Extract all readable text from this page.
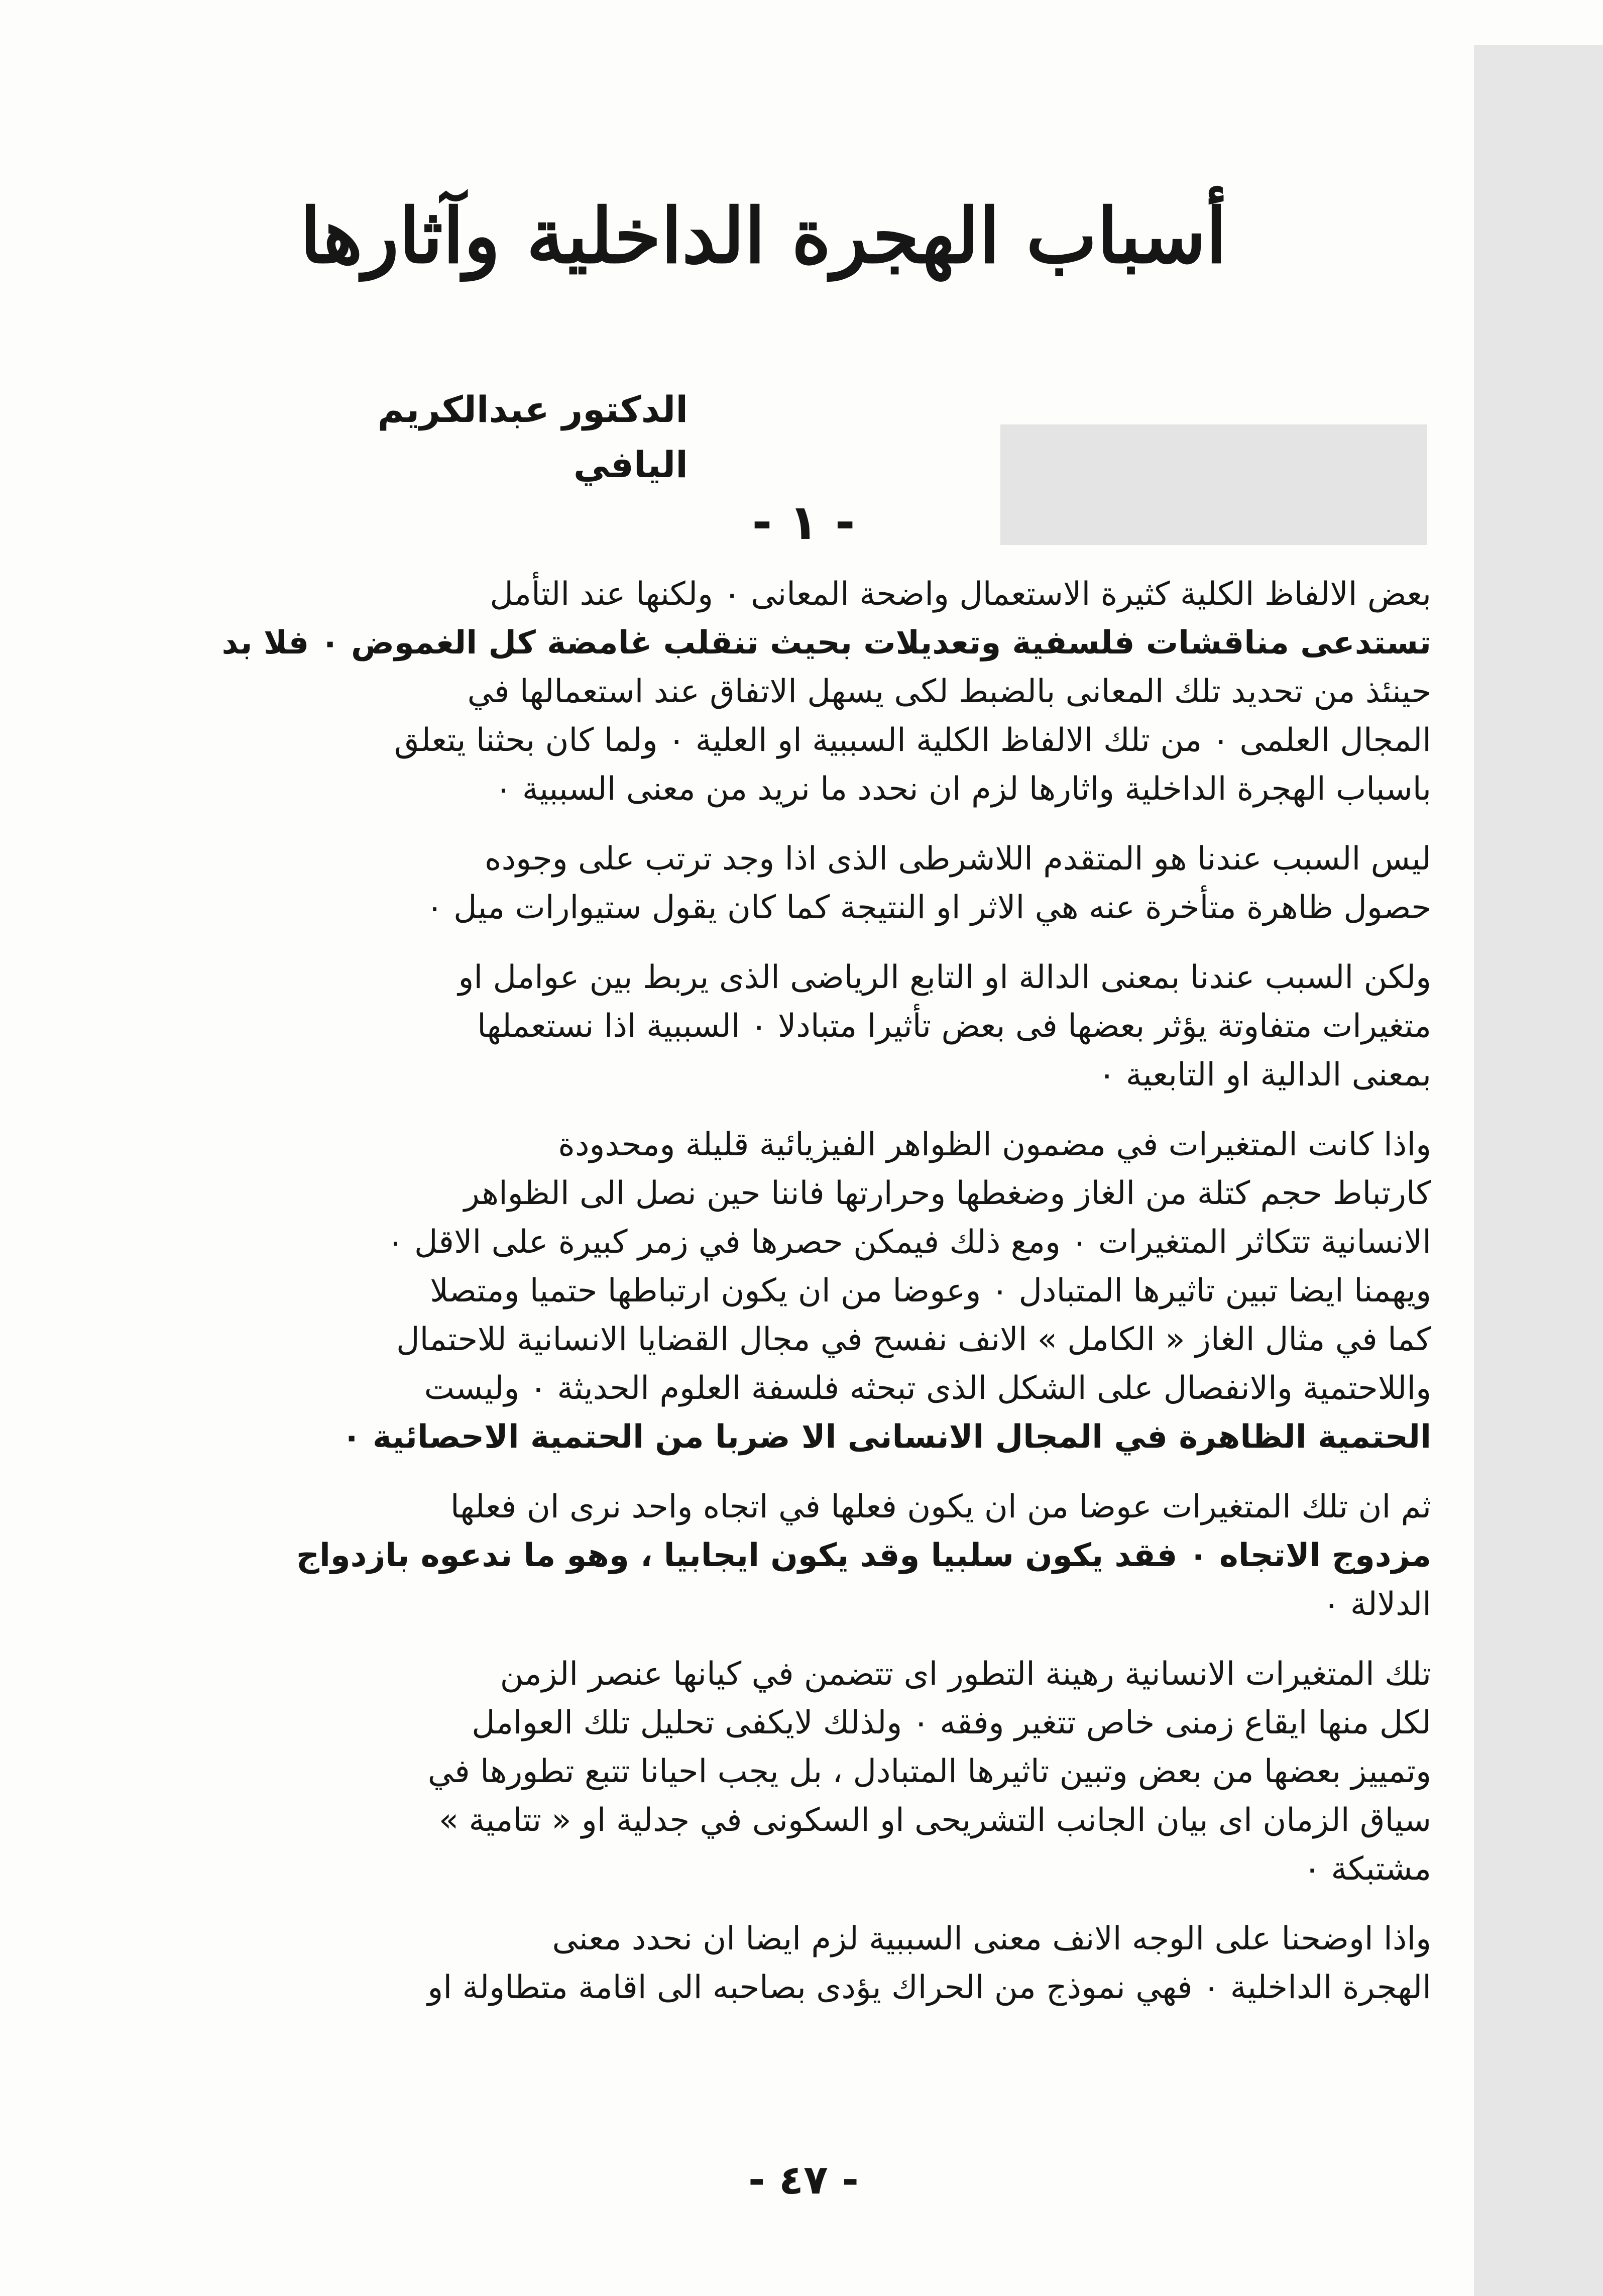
أسباب الهجرة الداخلية وآثارها
الدكتور عبدالكريم اليافي
- ١ -
بعض الالفاظ الكلية كثيرة الاستعمال واضحة المعانى ٠ ولكنها عند التأمل
تستدعى مناقشات فلسفية وتعديلات بحيث تنقلب غامضة كل الغموض ٠ فلا بد
حينئذ من تحديد تلك المعانى بالضبط لكى يسهل الاتفاق عند استعمالها في
المجال العلمى ٠ من تلك الالفاظ الكلية السببية او العلية ٠ ولما كان بحثنا يتعلق
باسباب الهجرة الداخلية واثارها لزم ان نحدد ما نريد من معنى السببية ٠
ليس السبب عندنا هو المتقدم اللاشرطى الذى اذا وجد ترتب على وجوده
حصول ظاهرة متأخرة عنه هي الاثر او النتيجة كما كان يقول ستيوارات ميل ٠
ولكن السبب عندنا بمعنى الدالة او التابع الرياضى الذى يربط بين عوامل او
متغيرات متفاوتة يؤثر بعضها فى بعض تأثيرا متبادلا ٠ السببية اذا نستعملها
بمعنى الدالية او التابعية ٠
واذا كانت المتغيرات في مضمون الظواهر الفيزيائية قليلة ومحدودة
كارتباط حجم كتلة من الغاز وضغطها وحرارتها فاننا حين نصل الى الظواهر
الانسانية تتكاثر المتغيرات ٠ ومع ذلك فيمكن حصرها في زمر كبيرة على الاقل ٠
ويهمنا ايضا تبين تاثيرها المتبادل ٠ وعوضا من ان يكون ارتباطها حتميا ومتصلا
كما في مثال الغاز « الكامل » الانف نفسح في مجال القضايا الانسانية للاحتمال
واللاحتمية والانفصال على الشكل الذى تبحثه فلسفة العلوم الحديثة ٠ وليست
الحتمية الظاهرة في المجال الانسانى الا ضربا من الحتمية الاحصائية ٠
ثم ان تلك المتغيرات عوضا من ان يكون فعلها في اتجاه واحد نرى ان فعلها
مزدوج الاتجاه ٠ فقد يكون سلبيا وقد يكون ايجابيا ، وهو ما ندعوه بازدواج
الدلالة ٠
تلك المتغيرات الانسانية رهينة التطور اى تتضمن في كيانها عنصر الزمن
لكل منها ايقاع زمنى خاص تتغير وفقه ٠ ولذلك لايكفى تحليل تلك العوامل
وتمييز بعضها من بعض وتبين تاثيرها المتبادل ، بل يجب احيانا تتبع تطورها في
سياق الزمان اى بيان الجانب التشريحى او السكونى في جدلية او « تتامية »
مشتبكة ٠
واذا اوضحنا على الوجه الانف معنى السببية لزم ايضا ان نحدد معنى
الهجرة الداخلية ٠ فهي نموذج من الحراك يؤدى بصاحبه الى اقامة متطاولة او
- ٤٧ -
